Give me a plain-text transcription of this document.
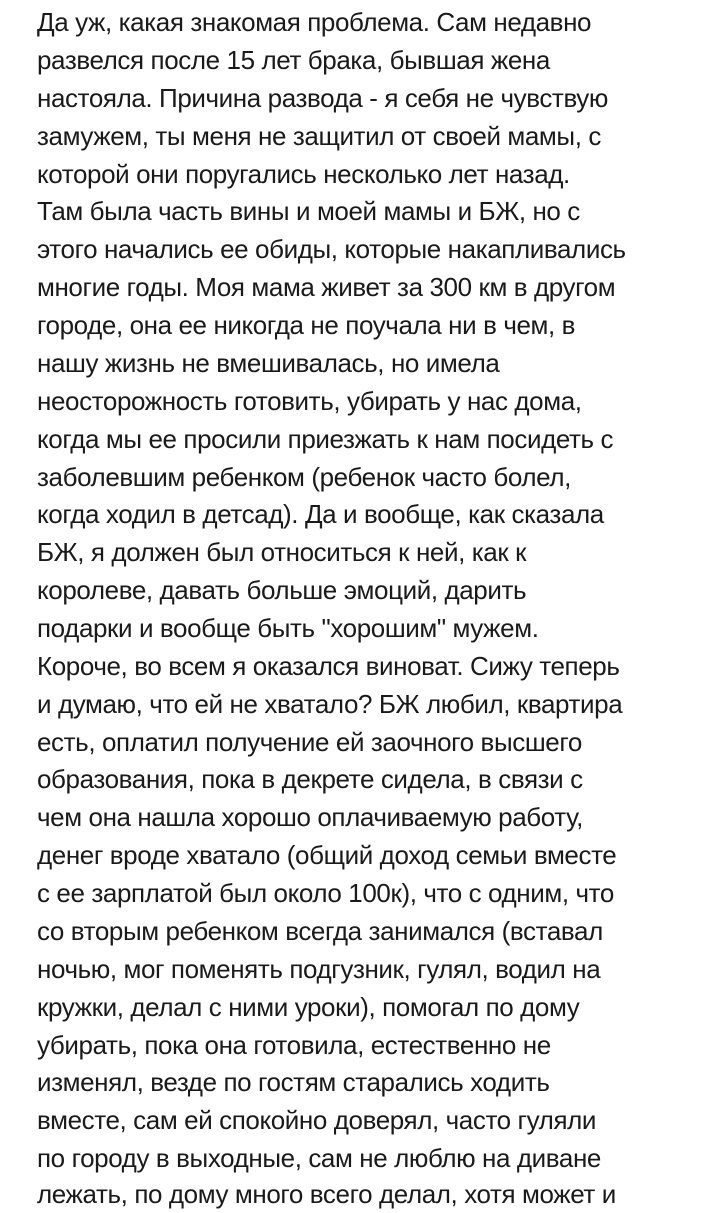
Да уж, какая знакомая проблема. Сам недавно
развелся после 15 лет брака, бывшая жена
настояла. Причина развода - я себя не чувствую
замужем, ты меня не защитил от своей мамы, с
которой они поругались несколько лет назад.
Там была часть вины и моей мамы и БЖ, но с
этого начались ее обиды, которые накапливались
многие годы. Моя мама живет за 300 км в другом
городе, она ее никогда не поучала ни в чем, в
нашу жизнь не вмешивалась, но имела
неосторожность готовить, убирать у нас дома,
когда мы ее просили приезжать к нам посидеть с
заболевшим ребенком (ребенок часто болел,
когда ходил в детсад). Да и вообще, как сказала
БЖ, я должен был относиться к ней, как к
королеве, давать больше эмоций, дарить
подарки и вообще быть "хорошим" мужем.
Короче, во всем я оказался виноват. Сижу теперь
и думаю, что ей не хватало? БЖ любил, квартира
есть, оплатил получение ей заочного высшего
образования, пока в декрете сидела, в связи с
чем она нашла хорошо оплачиваемую работу,
денег вроде хватало (общий доход семьи вместе
с ее зарплатой был около 100к), что с одним, что
со вторым ребенком всегда занимался (вставал
ночью, мог поменять подгузник, гулял, водил на
кружки, делал с ними уроки), помогал по дому
убирать, пока она готовила, естественно не
изменял, везде по гостям старались ходить
вместе, сам ей спокойно доверял, часто гуляли
по городу в выходные, сам не люблю на диване
лежать, по дому много всего делал, хотя может и
